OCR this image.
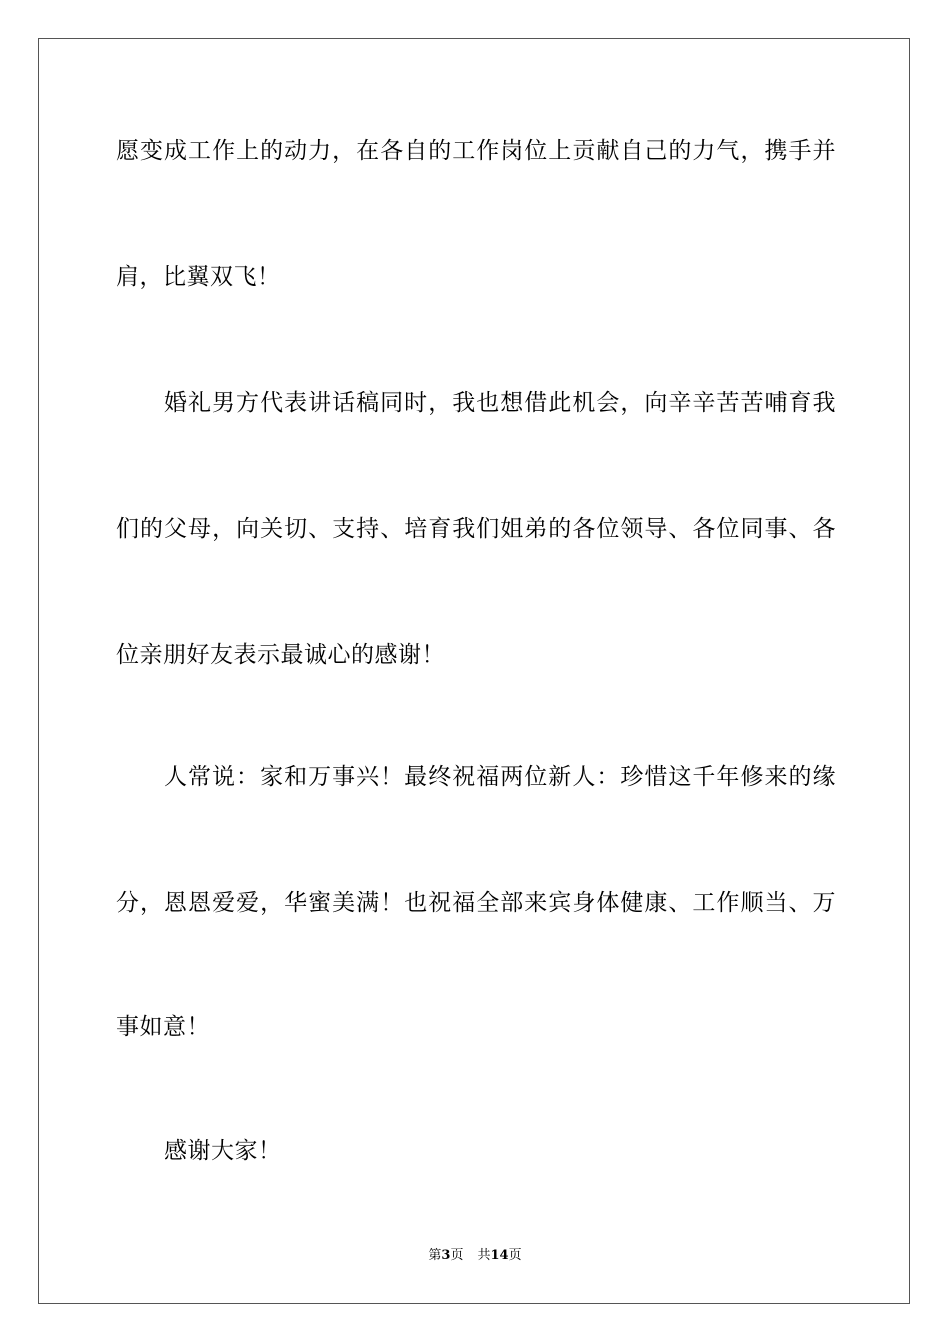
愿变成工作上的动力，在各自的工作岗位上贡献自己的力气，携手并
肩，比翼双飞！
婚礼男方代表讲话稿同时，我也想借此机会，向辛辛苦苦哺育我
们的父母，向关切、支持、培育我们姐弟的各位领导、各位同事、各
位亲朋好友表示最诚心的感谢！
人常说：家和万事兴！最终祝福两位新人：珍惜这千年修来的缘
分，恩恩爱爱，华蜜美满！也祝福全部来宾身体健康、工作顺当、万
事如意！
感谢大家！
第3页 共14页
